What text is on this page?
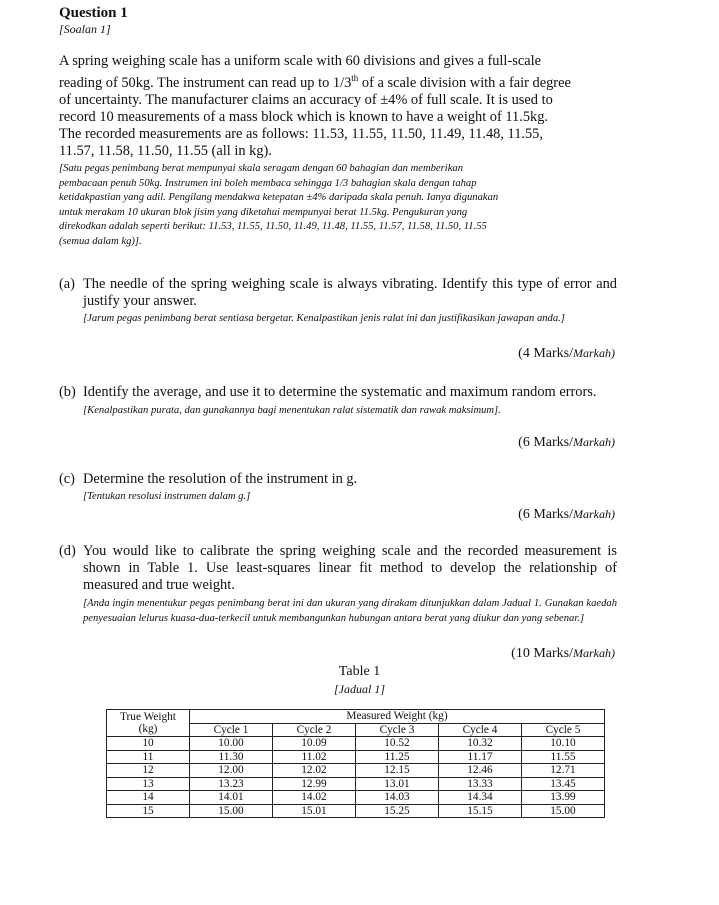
Question 1
[Soalan 1]
A spring weighing scale has a uniform scale with 60 divisions and gives a full-scale
reading of 50kg. The instrument can read up to 1/3th of a scale division with a fair degree
of uncertainty. The manufacturer claims an accuracy of ±4% of full scale. It is used to
record 10 measurements of a mass block which is known to have a weight of 11.5kg.
The recorded measurements are as follows: 11.53, 11.55, 11.50, 11.49, 11.48, 11.55,
11.57, 11.58, 11.50, 11.55 (all in kg).
[Satu pegas penimbang berat mempunyai skala seragam dengan 60 bahagian dan memberikan
pembacaan penuh 50kg. Instrumen ini boleh membaca sehingga 1/3 bahagian skala dengan tahap
ketidakpastian yang adil. Pengilang mendakwa ketepatan ±4% daripada skala penuh. Ianya digunakan
untuk merakam 10 ukuran blok jisim yang diketahui mempunyai berat 11.5kg. Pengukuran yang
direkodkan adalah seperti berikut: 11.53, 11.55, 11.50, 11.49, 11.48, 11.55, 11.57, 11.58, 11.50, 11.55
(semua dalam kg)].
(a) The needle of the spring weighing scale is always vibrating. Identify this type of error and justify your answer.
[Jarum pegas penimbang berat sentiasa bergetar. Kenalpastikan jenis ralat ini dan justifikasikan jawapan anda.]
(4 Marks/Markah)
(b) Identify the average, and use it to determine the systematic and maximum random errors.
[Kenalpastikan purata, dan gunakannya bagi menentukan ralat sistematik dan rawak maksimum].
(6 Marks/Markah)
(c) Determine the resolution of the instrument in g.
[Tentukan resolusi instrumen dalam g.]
(6 Marks/Markah)
(d) You would like to calibrate the spring weighing scale and the recorded measurement is shown in Table 1. Use least-squares linear fit method to develop the relationship of measured and true weight.
[Anda ingin menentukur pegas penimbang berat ini dan ukuran yang dirakam ditunjukkan dalam Jadual 1. Gunakan kaedah penyesuaian lelurus kuasa-dua-terkecil untuk membangunkan hubungan antara berat yang diukur dan yang sebenar.]
(10 Marks/Markah)
Table 1
[Jadual 1]
True Weight
(kg)	Measured Weight (kg)				
	Cycle 1	Cycle 2	Cycle 3	Cycle 4	Cycle 5
10	10.00	10.09	10.52	10.32	10.10
11	11.30	11.02	11.25	11.17	11.55
12	12.00	12.02	12.15	12.46	12.71
13	13.23	12.99	13.01	13.33	13.45
14	14.01	14.02	14.03	14.34	13.99
15	15.00	15.01	15.25	15.15	15.00
